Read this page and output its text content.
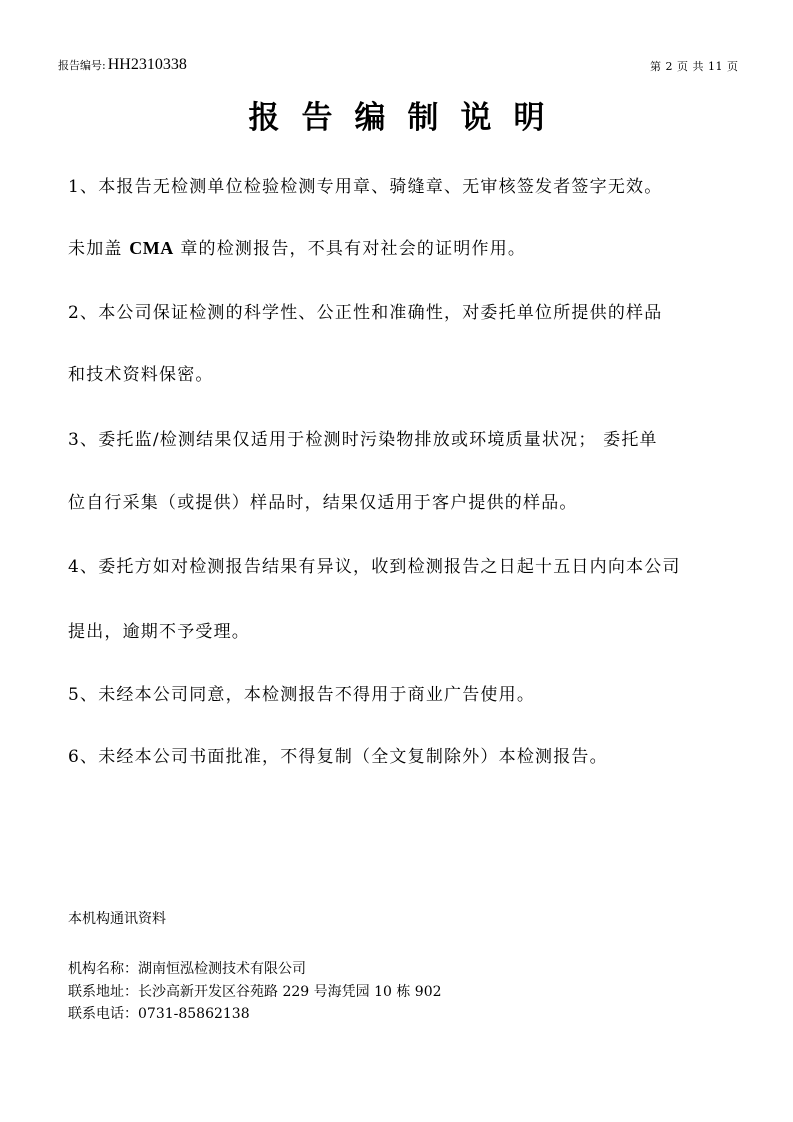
报告编号: HH2310338	第 2 页 共 11 页
报告编制说明
1、本报告无检测单位检验检测专用章、骑缝章、无审核签发者签字无效。
未加盖 CMA 章的检测报告，不具有对社会的证明作用。
2、本公司保证检测的科学性、公正性和准确性，对委托单位所提供的样品
和技术资料保密。
3、委托监/检测结果仅适用于检测时污染物排放或环境质量状况； 委托单
位自行采集（或提供）样品时，结果仅适用于客户提供的样品。
4、委托方如对检测报告结果有异议，收到检测报告之日起十五日内向本公司
提出，逾期不予受理。
5、未经本公司同意，本检测报告不得用于商业广告使用。
6、未经本公司书面批准，不得复制（全文复制除外）本检测报告。
本机构通讯资料
机构名称：湖南恒泓检测技术有限公司
联系地址：长沙高新开发区谷苑路 229 号海凭园 10 栋 902
联系电话：0731-85862138
